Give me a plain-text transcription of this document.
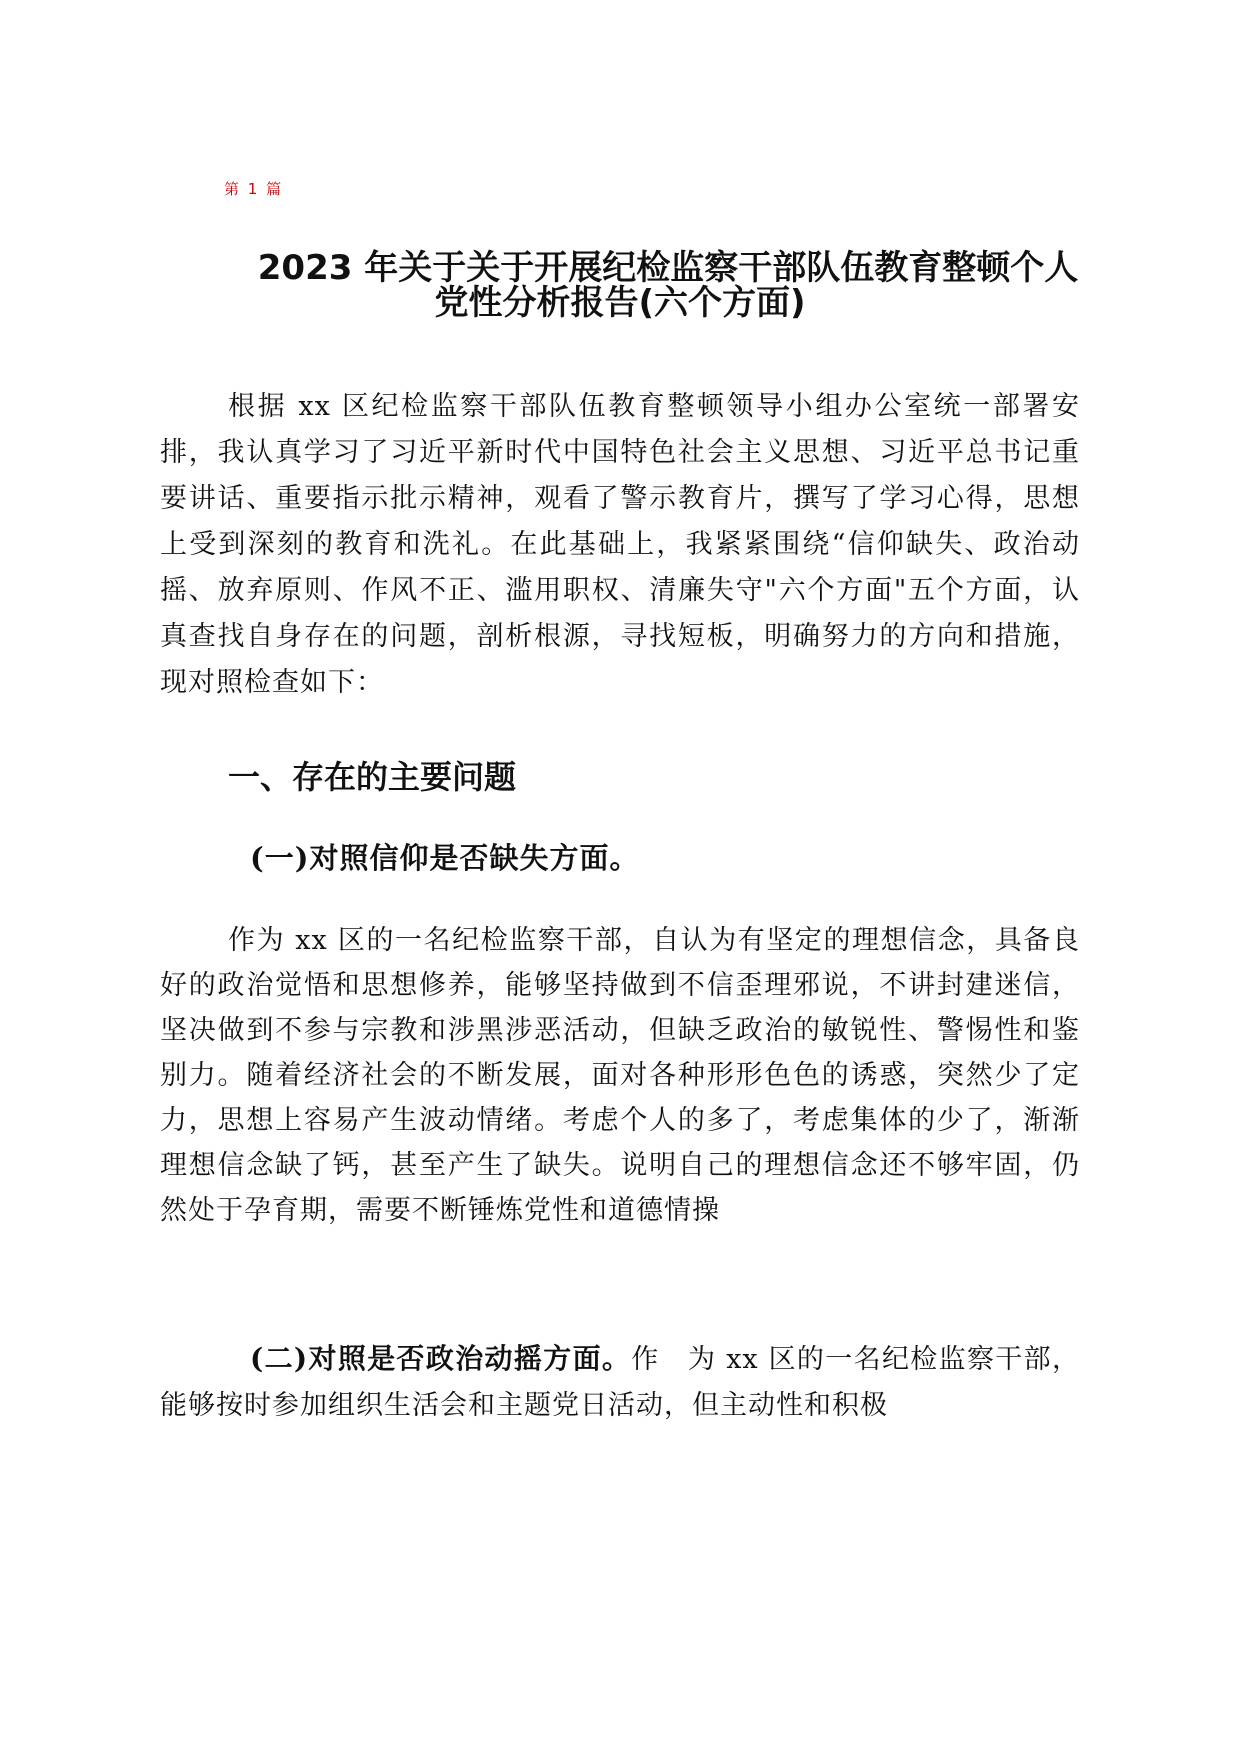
第 1 篇
2023 年关于关于开展纪检监察干部队伍教育整顿个人
党性分析报告(六个方面)
根据 xx 区纪检监察干部队伍教育整顿领导小组办公室统一部署安排，我认真学习了习近平新时代中国特色社会主义思想、习近平总书记重要讲话、重要指示批示精神，观看了警示教育片，撰写了学习心得，思想上受到深刻的教育和洗礼。在此基础上，我紧紧围绕“信仰缺失、政治动摇、放弃原则、作风不正、滥用职权、清廉失守"六个方面"五个方面，认真查找自身存在的问题，剖析根源，寻找短板，明确努力的方向和措施，现对照检查如下：
一、存在的主要问题
(一)对照信仰是否缺失方面。
作为 xx 区的一名纪检监察干部，自认为有坚定的理想信念，具备良好的政治觉悟和思想修养，能够坚持做到不信歪理邪说，不讲封建迷信，坚决做到不参与宗教和涉黑涉恶活动，但缺乏政治的敏锐性、警惕性和鉴别力。随着经济社会的不断发展，面对各种形形色色的诱惑，突然少了定力，思想上容易产生波动情绪。考虑个人的多了，考虑集体的少了，渐渐理想信念缺了钙，甚至产生了缺失。说明自己的理想信念还不够牢固，仍然处于孕育期，需要不断锤炼党性和道德情操
(二)对照是否政治动摇方面。作　为 xx 区的一名纪检监察干部，能够按时参加组织生活会和主题党日活动，但主动性和积极
